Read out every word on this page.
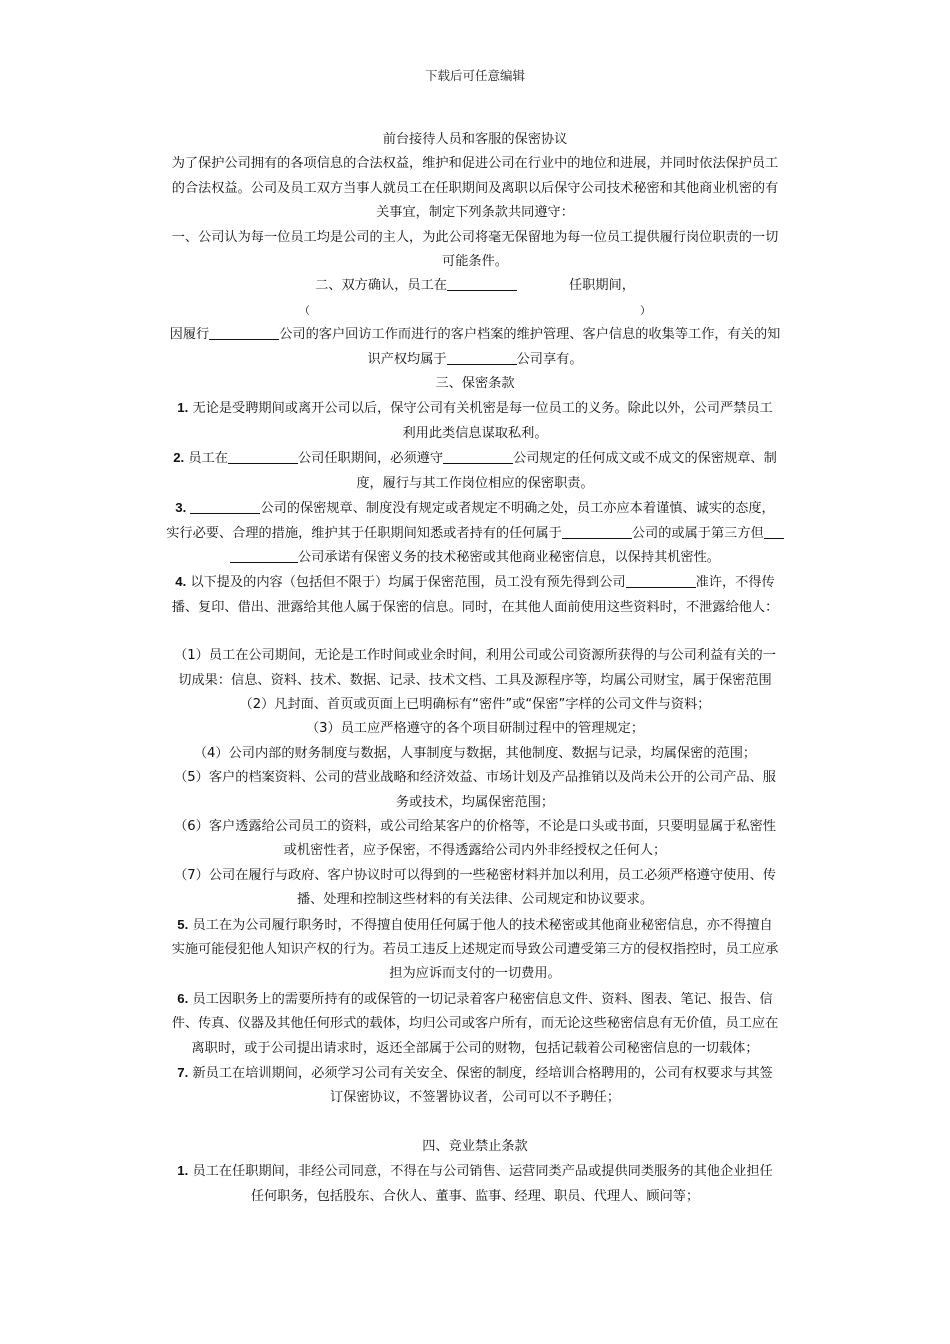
下载后可任意编辑

前台接待人员和客服的保密协议

为了保护公司拥有的各项信息的合法权益，维护和促进公司在行业中的地位和进展，并同时依法保护员工

的合法权益。公司及员工双方当事人就员工在任职期间及离职以后保守公司技术秘密和其他商业机密的有

关事宜，制定下列条款共同遵守：

一、公司认为每一位员工均是公司的主人，为此公司将毫无保留地为每一位员工提供履行岗位职责的一切

可能条件。

二、双方确认，员工在	任职期间，

（	）

因履行	公司的客户回访工作而进行的客户档案的维护管理、客户信息的收集等工作，有关的知

识产权均属于	公司享有。

三、保密条款

1. 无论是受聘期间或离开公司以后，保守公司有关机密是每一位员工的义务。除此以外，公司严禁员工

利用此类信息谋取私利。

2. 员工在	公司任职期间，必须遵守	公司规定的任何成文或不成文的保密规章、制

度，履行与其工作岗位相应的保密职责。

3.	公司的保密规章、制度没有规定或者规定不明确之处，员工亦应本着谨慎、诚实的态度，

实行必要、合理的措施，维护其于任职期间知悉或者持有的任何属于	公司的或属于第三方但

公司承诺有保密义务的技术秘密或其他商业秘密信息，以保持其机密性。

4. 以下提及的内容（包括但不限于）均属于保密范围，员工没有预先得到公司	准许，不得传

播、复印、借出、泄露给其他人属于保密的信息。同时，在其他人面前使用这些资料时，不泄露给他人：

（1）员工在公司期间，无论是工作时间或业余时间，利用公司或公司资源所获得的与公司利益有关的一

切成果：信息、资料、技术、数据、记录、技术文档、工具及源程序等，均属公司财宝，属于保密范围

（2）凡封面、首页或页面上已明确标有“密件”或“保密”字样的公司文件与资料；

（3）员工应严格遵守的各个项目研制过程中的管理规定；

（4）公司内部的财务制度与数据，人事制度与数据，其他制度、数据与记录，均属保密的范围；

（5）客户的档案资料、公司的营业战略和经济效益、市场计划及产品推销以及尚未公开的公司产品、服

务或技术，均属保密范围；

（6）客户透露给公司员工的资料，或公司给某客户的价格等，不论是口头或书面，只要明显属于私密性

或机密性者，应予保密，不得透露给公司内外非经授权之任何人；

（7）公司在履行与政府、客户协议时可以得到的一些秘密材料并加以利用，员工必须严格遵守使用、传

播、处理和控制这些材料的有关法律、公司规定和协议要求。

5. 员工在为公司履行职务时，不得擅自使用任何属于他人的技术秘密或其他商业秘密信息，亦不得擅自

实施可能侵犯他人知识产权的行为。若员工违反上述规定而导致公司遭受第三方的侵权指控时，员工应承

担为应诉而支付的一切费用。

6. 员工因职务上的需要所持有的或保管的一切记录着客户秘密信息文件、资料、图表、笔记、报告、信

件、传真、仪器及其他任何形式的载体，均归公司或客户所有，而无论这些秘密信息有无价值，员工应在

离职时，或于公司提出请求时，返还全部属于公司的财物，包括记载着公司秘密信息的一切载体；

7. 新员工在培训期间，必须学习公司有关安全、保密的制度，经培训合格聘用的，公司有权要求与其签

订保密协议，不签署协议者，公司可以不予聘任；

四、竞业禁止条款

1. 员工在任职期间，非经公司同意，不得在与公司销售、运营同类产品或提供同类服务的其他企业担任

任何职务，包括股东、合伙人、董事、监事、经理、职员、代理人、顾问等；
